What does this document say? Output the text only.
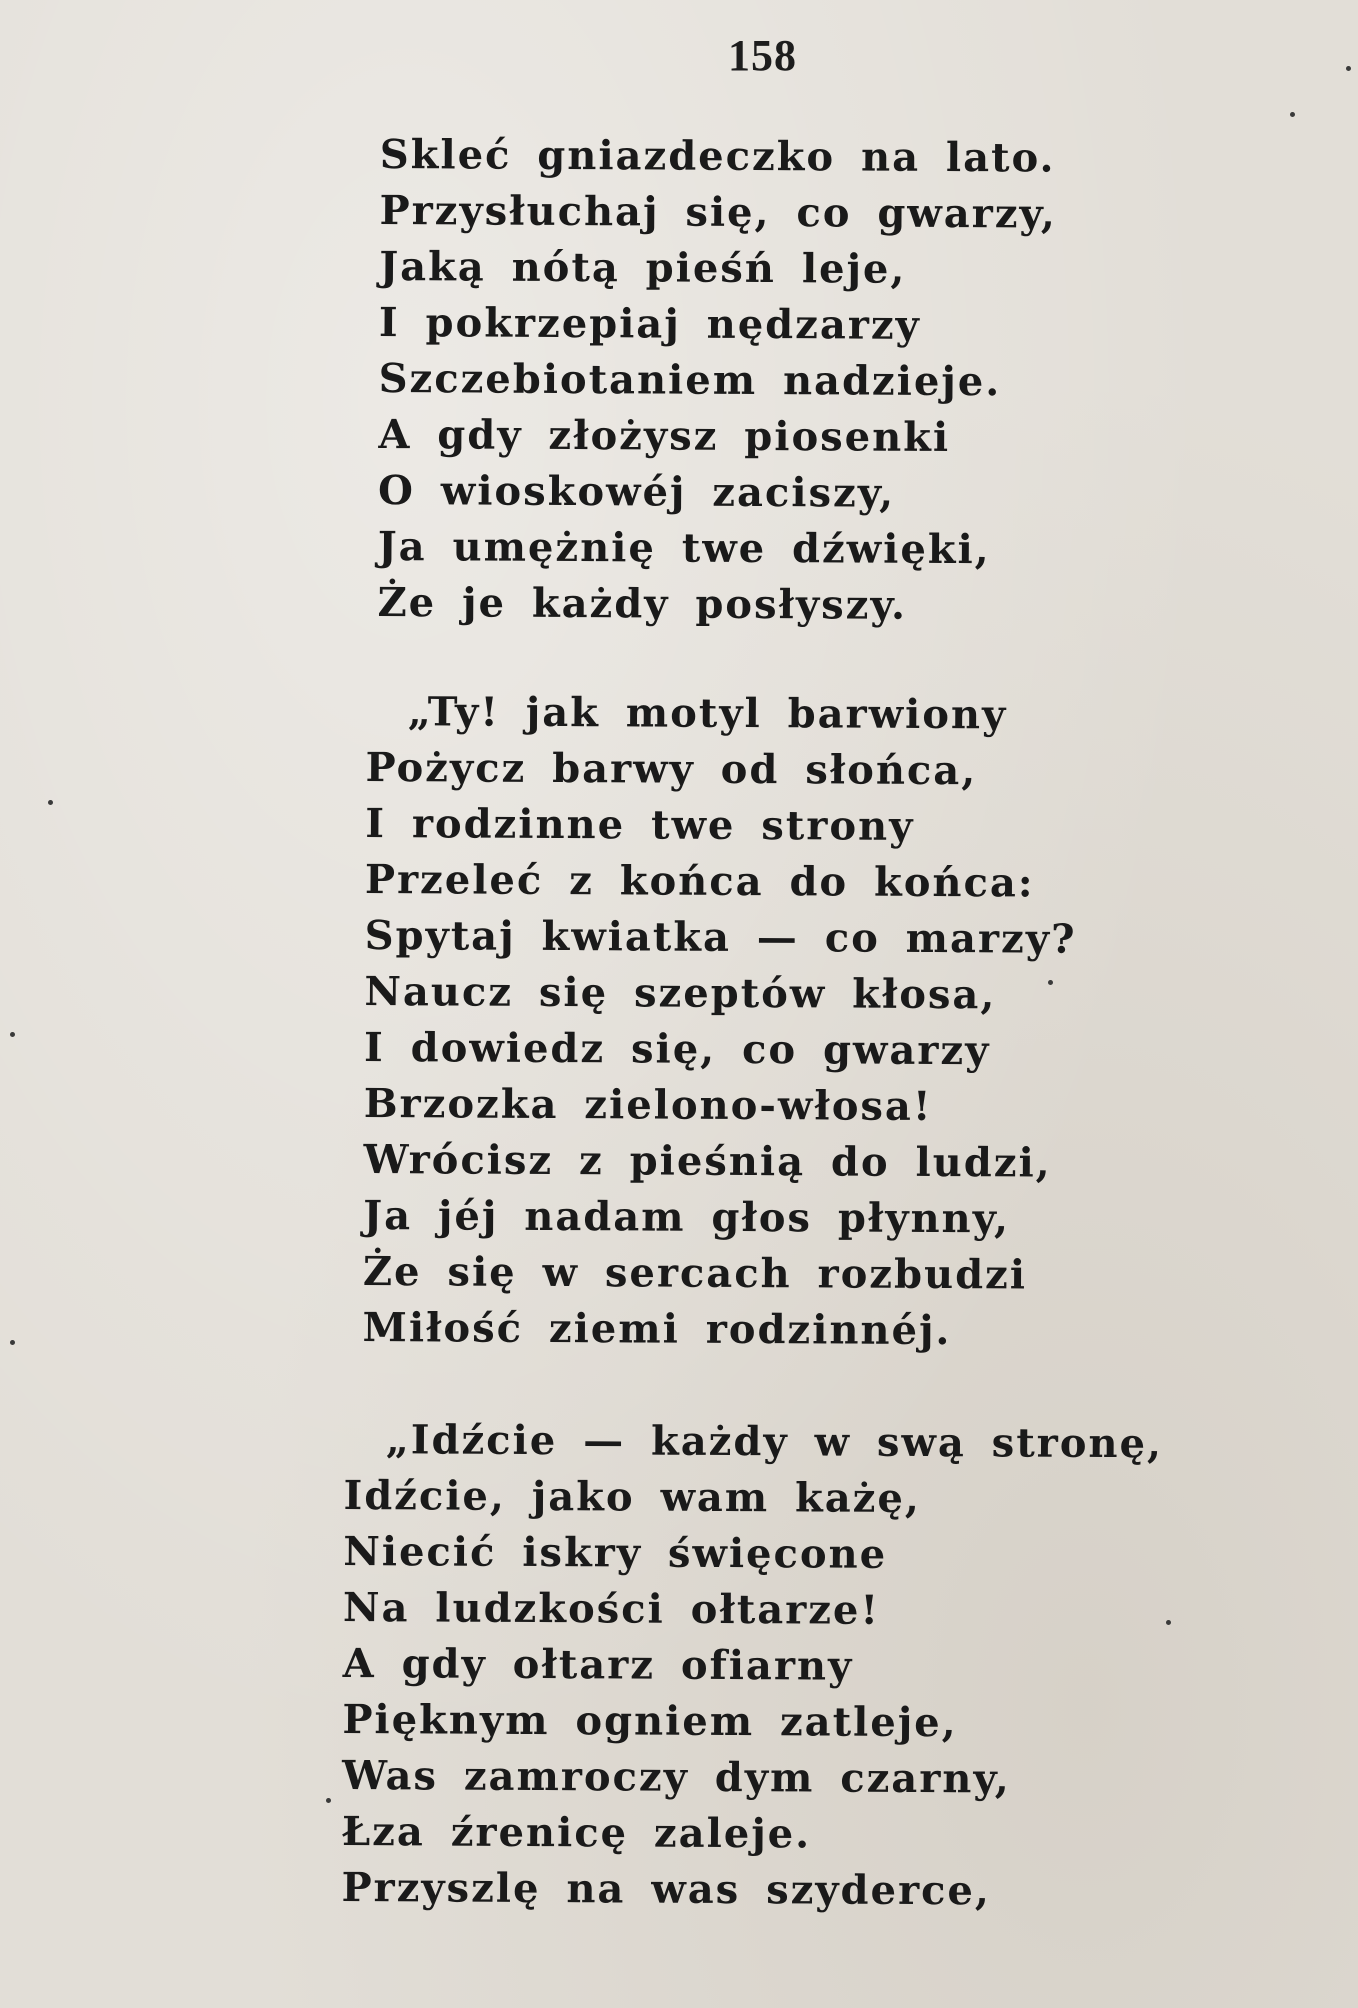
158
Skleć gniazdeczko na lato.
Przysłuchaj się, co gwarzy,
Jaką nótą pieśń leje,
I pokrzepiaj nędzarzy
Szczebiotaniem nadzieje.
A gdy złożysz piosenki
O wioskowéj zaciszy,
Ja umężnię twe dźwięki,
Że je każdy posłyszy.
„Ty! jak motyl barwiony
Pożycz barwy od słońca,
I rodzinne twe strony
Przeleć z końca do końca:
Spytaj kwiatka — co marzy?
Naucz się szeptów kłosa,
I dowiedz się, co gwarzy
Brzozka zielono-włosa!
Wrócisz z pieśnią do ludzi,
Ja jéj nadam głos płynny,
Że się w sercach rozbudzi
Miłość ziemi rodzinnéj.
„Idźcie — każdy w swą stronę,
Idźcie, jako wam każę,
Niecić iskry święcone
Na ludzkości ołtarze!
A gdy ołtarz ofiarny
Pięknym ogniem zatleje,
Was zamroczy dym czarny,
Łza źrenicę zaleje.
Przyszlę na was szyderce,
